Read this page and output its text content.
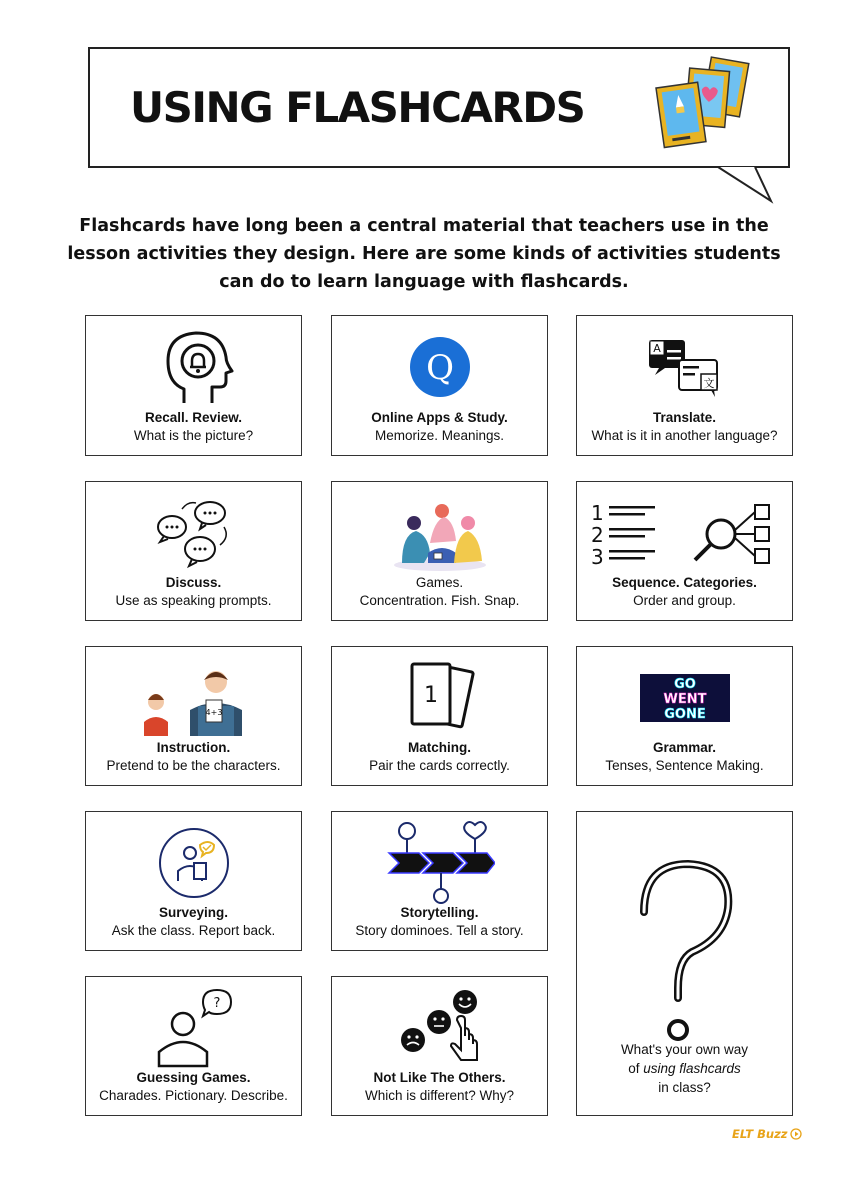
USING FLASHCARDS
Flashcards have long been a central material that teachers use in the lesson activities they design. Here are some kinds of activities students can do to learn language with flashcards.
Recall. Review.
What is the picture?
Q
Online Apps & Study.
Memorize. Meanings.
A
文
Translate.
What is it in another language?
Discuss.
Use as speaking prompts.
Games.
Concentration. Fish. Snap.
1
2
3
Sequence. Categories.
Order and group.
4+3
Instruction.
Pretend to be the characters.
1
Matching.
Pair the cards correctly.
GO
WENT
GONE
Grammar.
Tenses, Sentence Making.
Surveying.
Ask the class. Report back.
Storytelling.
Story dominoes. Tell a story.
What's your own way
of using flashcards
in class?
?
Guessing Games.
Charades. Pictionary. Describe.
Not Like The Others.
Which is different? Why?
ELT Buzz
